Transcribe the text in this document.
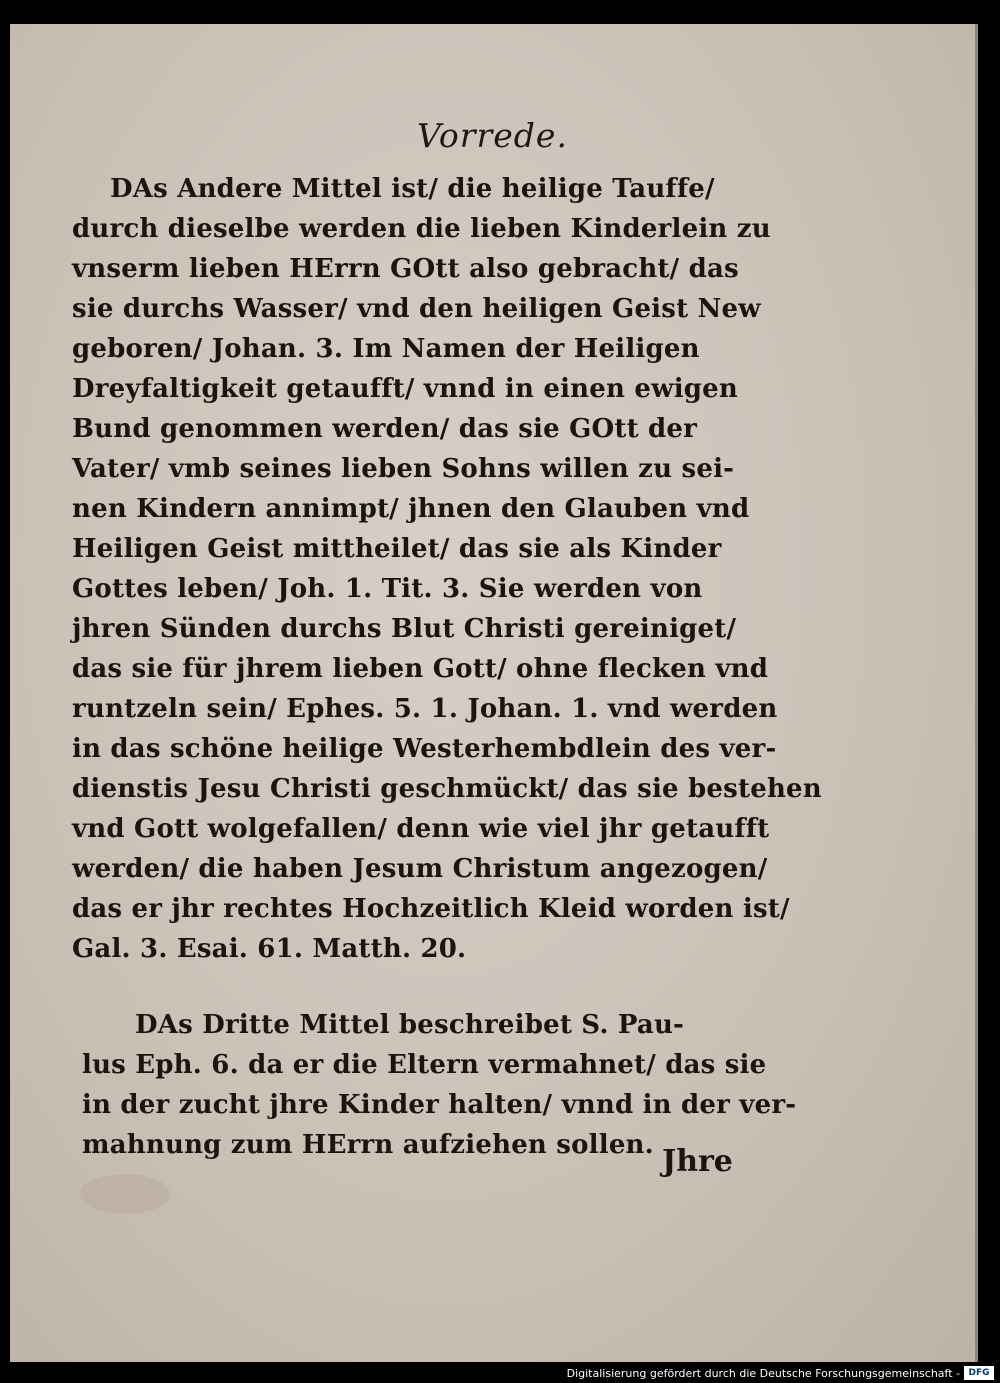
Vorrede.
DAs Andere Mittel ist/ die heilige Tauffe/
durch dieselbe werden die lieben Kinderlein zu
vnserm lieben HErrn GOtt also gebracht/ das
sie durchs Wasser/ vnd den heiligen Geist New
geboren/ Johan. 3. Im Namen der Heiligen
Dreyfaltigkeit getaufft/ vnnd in einen ewigen
Bund genommen werden/ das sie GOtt der
Vater/ vmb seines lieben Sohns willen zu sei-
nen Kindern annimpt/ jhnen den Glauben vnd
Heiligen Geist mittheilet/ das sie als Kinder
Gottes leben/ Joh. 1. Tit. 3. Sie werden von
jhren Sünden durchs Blut Christi gereiniget/
das sie für jhrem lieben Gott/ ohne flecken vnd
runtzeln sein/ Ephes. 5. 1. Johan. 1. vnd werden
in das schöne heilige Westerhembdlein des ver-
dienstis Jesu Christi geschmückt/ das sie bestehen
vnd Gott wolgefallen/ denn wie viel jhr getaufft
werden/ die haben Jesum Christum angezogen/
das er jhr rechtes Hochzeitlich Kleid worden ist/
Gal. 3. Esai. 61. Matth. 20.
DAs Dritte Mittel beschreibet S. Pau-
lus Eph. 6. da er die Eltern vermahnet/ das sie
in der zucht jhre Kinder halten/ vnnd in der ver-
mahnung zum HErrn aufziehen sollen. Jhre
Digitalisierung gefördert durch die Deutsche Forschungsgemeinschaft - DFG
